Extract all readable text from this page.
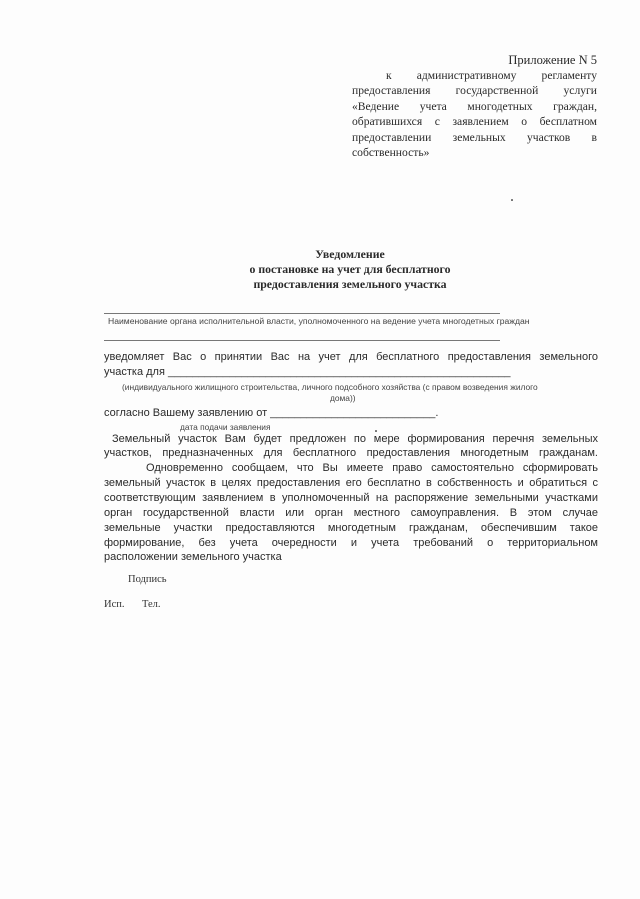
Приложение N 5
к административному регламенту
предоставления государственной услуги
«Ведение учета многодетных граждан,
обратившихся с заявлением о бесплатном
предоставлении земельных участков в
собственность»
Уведомление
о постановке на учет для бесплатного
предоставления земельного участка
Наименование органа исполнительной власти, уполномоченного на ведение учета многодетных граждан
уведомляет Вас о принятии Вас на учет для бесплатного предоставления земельного
участка для ________________________________________________________
(индивидуального жилищного строительства, личного подсобного хозяйства (с правом возведения жилого
дома))
согласно Вашему заявлению от ___________________________.
дата подачи заявления
Земельный участок Вам будет предложен по мере формирования перечня земельных
участков, предназначенных для бесплатного предоставления многодетным гражданам.
Одновременно сообщаем, что Вы имеете право самостоятельно сформировать
земельный участок в целях предоставления его бесплатно в собственность и обратиться с
соответствующим заявлением в уполномоченный на распоряжение земельными участками
орган государственной власти или орган местного самоуправления. В этом случае
земельные участки предоставляются многодетным гражданам, обеспечившим такое
формирование, без учета очередности и учета требований о территориальном
расположении земельного участка
Подпись
Исп. Тел.
